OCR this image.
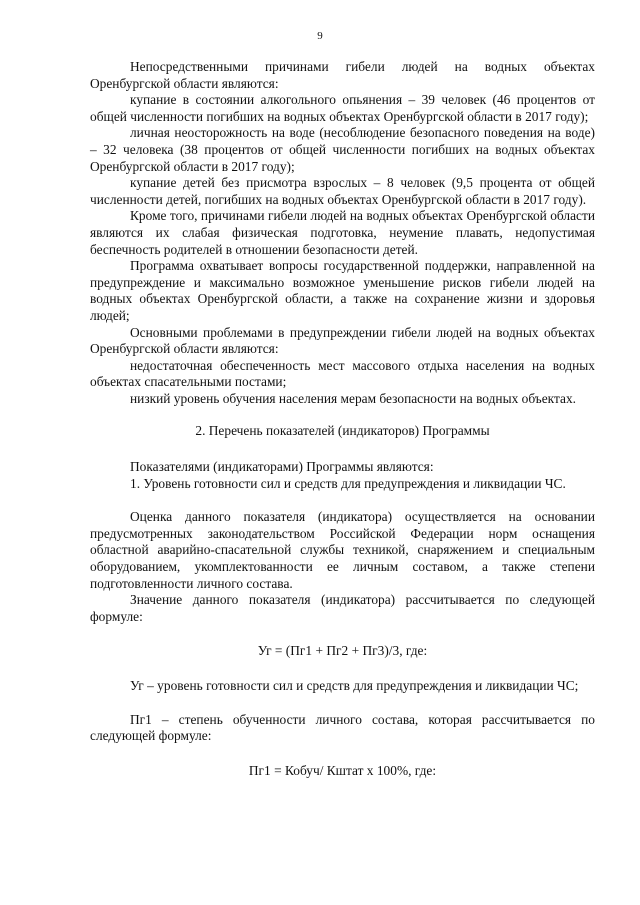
9

Непосредственными причинами гибели людей на водных объектах Оренбургской области являются:

купание в состоянии алкогольного опьянения – 39 человек (46 процентов от общей численности погибших на водных объектах Оренбургской области в 2017 году);

личная неосторожность на воде (несоблюдение безопасного поведения на воде) – 32 человека (38 процентов от общей численности погибших на водных объектах Оренбургской области в 2017 году);

купание детей без присмотра взрослых – 8 человек (9,5 процента от общей численности детей, погибших на водных объектах Оренбургской области в 2017 году).

Кроме того, причинами гибели людей на водных объектах Оренбургской области являются их слабая физическая подготовка, неумение плавать, недопустимая беспечность родителей в отношении безопасности детей.

Программа охватывает вопросы государственной поддержки, направленной на предупреждение и максимально возможное уменьшение рисков гибели людей на водных объектах Оренбургской области, а также на сохранение жизни и здоровья людей;

Основными проблемами в предупреждении гибели людей на водных объектах Оренбургской области являются:

недостаточная обеспеченность мест массового отдыха населения на водных объектах спасательными постами;

низкий уровень обучения населения мерам безопасности на водных объектах.

2. Перечень показателей (индикаторов) Программы

Показателями (индикаторами) Программы являются:

1. Уровень готовности сил и средств для предупреждения и ликвидации ЧС.

Оценка данного показателя (индикатора) осуществляется на основании предусмотренных законодательством Российской Федерации норм оснащения областной аварийно-спасательной службы техникой, снаряжением и специальным оборудованием, укомплектованности ее личным составом, а также степени подготовленности личного состава.

Значение данного показателя (индикатора) рассчитывается по следующей формуле:

Уг = (Пг1 + Пг2 + Пг3)/3, где:

Уг – уровень готовности сил и средств для предупреждения и ликвидации ЧС;

Пг1 – степень обученности личного состава, которая рассчитывается по следующей формуле:

Пг1 = Кобуч/ Кштат х 100%, где:
